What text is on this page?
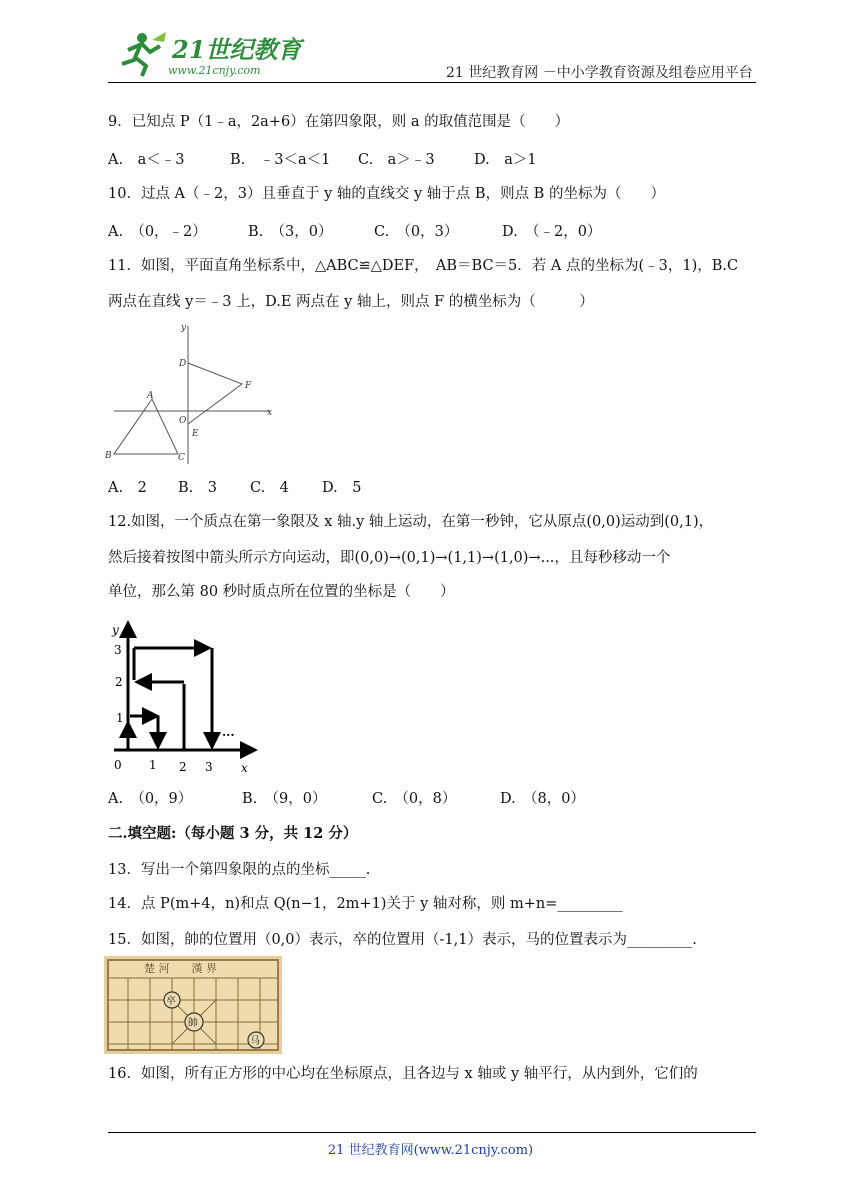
21世纪教育
www.21cnjy.com	21 世纪教育网 －中小学教育资源及组卷应用平台
9．已知点 P（1﹣a，2a+6）在第四象限，则 a 的取值范围是（　　）
A.　a＜﹣3	B.　﹣3＜a＜1 C.　a＞﹣3	D.　a＞1
10．过点 A（﹣2，3）且垂直于 y 轴的直线交 y 轴于点 B，则点 B 的坐标为（　　）
A.　（0，﹣2）	B.　（3，0）	C.　（0，3）	D.　（﹣2，0）
11．如图，平面直角坐标系中，△ABC≌△DEF，　AB＝BC＝5．若 A 点的坐标为(﹣3，1)，B.C
两点在直线 y＝﹣3 上，D.E 两点在 y 轴上，则点 F 的横坐标为（　　　）
y
x
D
F
A
O
E
B	C
A.　2 B.　3 C.　4 D.　5
12.如图，一个质点在第一象限及 x 轴.y 轴上运动，在第一秒钟，它从原点(0,0)运动到(0,1)，
然后接着按图中箭头所示方向运动，即(0,0)→(0,1)→(1,1)→(1,0)→...，且每秒移动一个
单位，那么第 80 秒时质点所在位置的坐标是（　　）
y
x
0 1 2 3
1
2
3
...
A.　（0，9）	B.　（9，0）	C.　（0，8）	D.　（8，0）
二.填空题:（每小题 3 分，共 12 分）
13．写出一个第四象限的点的坐标_____.
14．点 P(m+4，n)和点 Q(n−1，2m+1)关于 y 轴对称，则 m+n=_________
15．如图，帥的位置用（0,0）表示，卒的位置用（-1,1）表示，马的位置表示为_________.
楚 河　　漢 界
卒
帥
马
16．如图，所有正方形的中心均在坐标原点，且各边与 x 轴或 y 轴平行，从内到外，它们的
21 世纪教育网(www.21cnjy.com)
